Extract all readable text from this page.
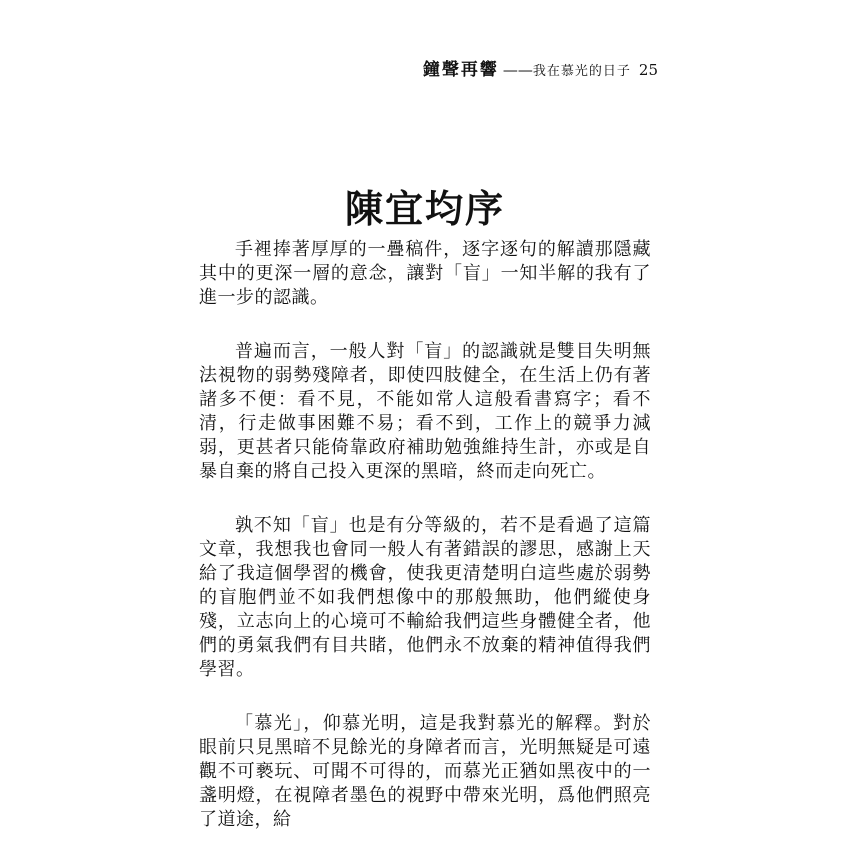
鐘聲再響 —— 我在慕光的日子 25
陳宜均序

手裡捧著厚厚的一疊稿件，逐字逐句的解讀那隱藏其中的更深一層的意念，讓對「盲」一知半解的我有了進一步的認識。

普遍而言，一般人對「盲」的認識就是雙目失明無法視物的弱勢殘障者，即使四肢健全，在生活上仍有著諸多不便：看不見，不能如常人這般看書寫字；看不清，行走做事困難不易；看不到，工作上的競爭力減弱，更甚者只能倚靠政府補助勉強維持生計，亦或是自暴自棄的將自己投入更深的黑暗，終而走向死亡。

孰不知「盲」也是有分等級的，若不是看過了這篇文章，我想我也會同一般人有著錯誤的謬思，感謝上天給了我這個學習的機會，使我更清楚明白這些處於弱勢的盲胞們並不如我們想像中的那般無助，他們縱使身殘，立志向上的心境可不輸給我們這些身體健全者，他們的勇氣我們有目共睹，他們永不放棄的精神值得我們學習。

「慕光」，仰慕光明，這是我對慕光的解釋。對於眼前只見黑暗不見餘光的身障者而言，光明無疑是可遠觀不可褻玩、可聞不可得的，而慕光正猶如黑夜中的一盞明燈，在視障者墨色的視野中帶來光明，爲他們照亮了道途，給
